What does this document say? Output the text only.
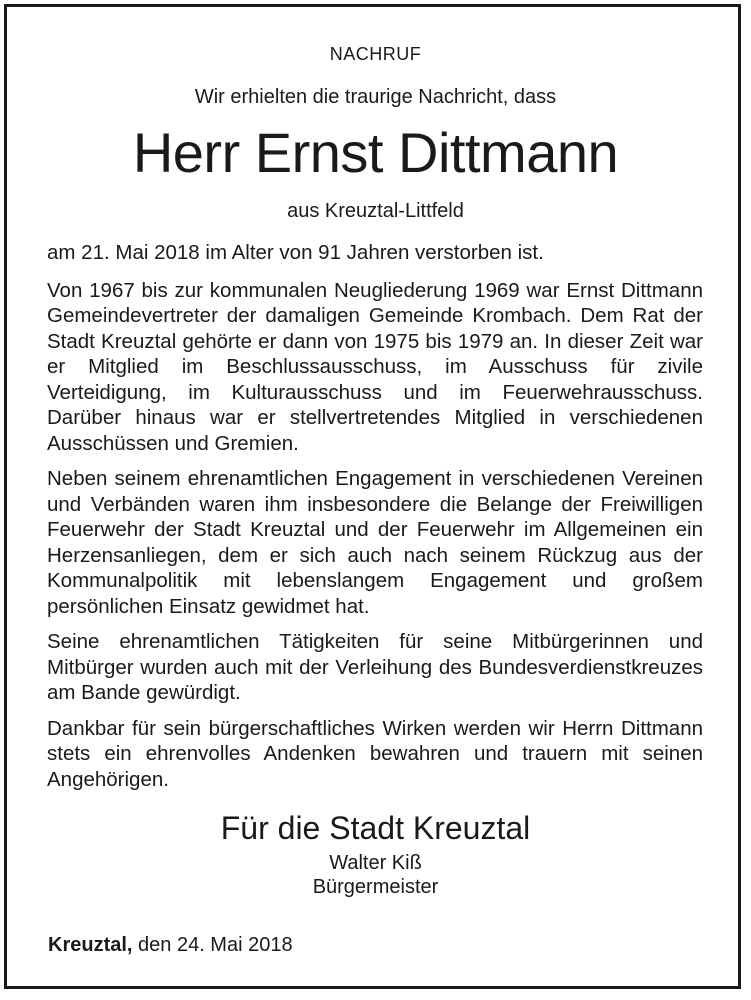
NACHRUF
Wir erhielten die traurige Nachricht, dass
Herr Ernst Dittmann
aus Kreuztal-Littfeld

am 21. Mai 2018 im Alter von 91 Jahren verstorben ist.

Von 1967 bis zur kommunalen Neugliederung 1969 war Ernst Dittmann Gemeindevertreter der damaligen Gemeinde Krombach. Dem Rat der Stadt Kreuztal gehörte er dann von 1975 bis 1979 an. In dieser Zeit war er Mitglied im Beschlussausschuss, im Ausschuss für zivile Verteidigung, im Kulturausschuss und im Feuerwehrausschuss. Darüber hinaus war er stellvertretendes Mitglied in verschiedenen Ausschüssen und Gremien.

Neben seinem ehrenamtlichen Engagement in verschiedenen Vereinen und Verbänden waren ihm insbesondere die Belange der Freiwilligen Feuerwehr der Stadt Kreuztal und der Feuerwehr im Allgemeinen ein Herzensanliegen, dem er sich auch nach seinem Rückzug aus der Kommunalpolitik mit lebenslangem Engagement und großem persönlichen Einsatz gewidmet hat.

Seine ehrenamtlichen Tätigkeiten für seine Mitbürgerinnen und Mitbürger wurden auch mit der Verleihung des Bundesverdienstkreuzes am Bande gewürdigt.

Dankbar für sein bürgerschaftliches Wirken werden wir Herrn Dittmann stets ein ehrenvolles Andenken bewahren und trauern mit seinen Angehörigen.

Für die Stadt Kreuztal
Walter Kiß
Bürgermeister
Kreuztal, den 24. Mai 2018
